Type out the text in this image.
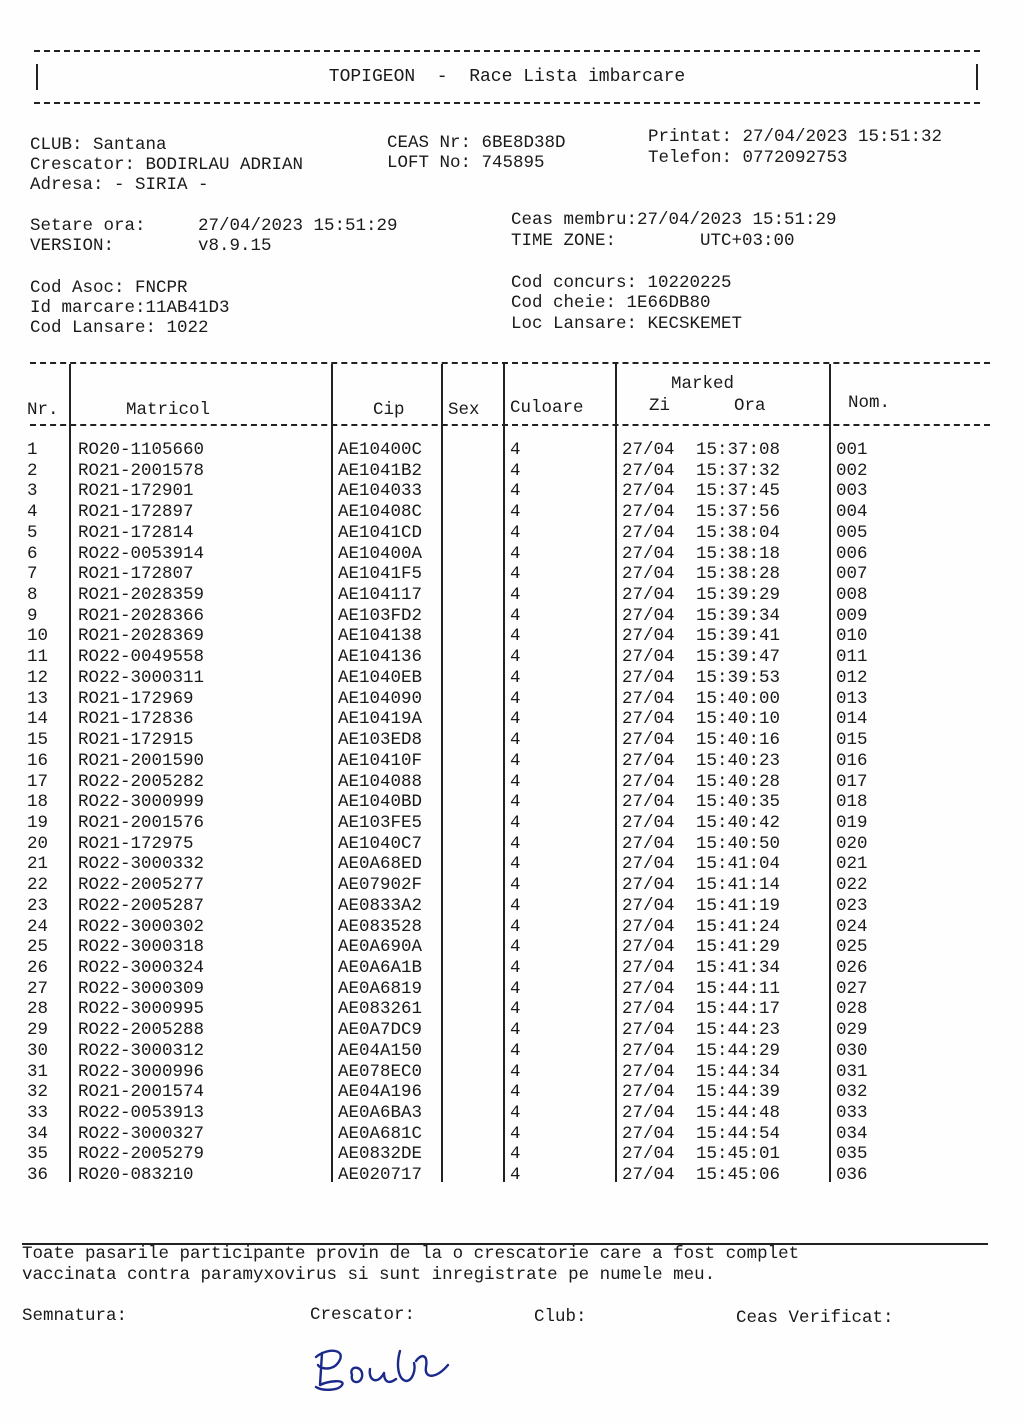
TOPIGEON  -  Race Lista imbarcare
CLUB: Santana
Crescator: BODIRLAU ADRIAN
Adresa: - SIRIA -
CEAS Nr: 6BE8D38D
LOFT No: 745895
Printat: 27/04/2023 15:51:32
Telefon: 0772092753
Setare ora:     27/04/2023 15:51:29
VERSION:        v8.9.15
Ceas membru:27/04/2023 15:51:29
TIME ZONE:        UTC+03:00
Cod Asoc: FNCPR
Id marcare:11AB41D3
Cod Lansare: 1022
Cod concurs: 10220225
Cod cheie: 1E66DB80
Loc Lansare: KECSKEMET
Nr.	Matricol	Cip Sex Culoare
Marked
Zi	Ora	Nom.
1 RO20-1105660	AE10400C	4	27/04 15:37:08	001
2 RO21-2001578	AE1041B2	4	27/04 15:37:32	002
3 RO21-172901	AE104033	4	27/04 15:37:45	003
4 RO21-172897	AE10408C	4	27/04 15:37:56	004
5 RO21-172814	AE1041CD	4	27/04 15:38:04	005
6 RO22-0053914	AE10400A	4	27/04 15:38:18	006
7 RO21-172807	AE1041F5	4	27/04 15:38:28	007
8 RO21-2028359	AE104117	4	27/04 15:39:29	008
9 RO21-2028366	AE103FD2	4	27/04 15:39:34	009
10 RO21-2028369	AE104138	4	27/04 15:39:41	010
11 RO22-0049558	AE104136	4	27/04 15:39:47	011
12 RO22-3000311	AE1040EB	4	27/04 15:39:53	012
13 RO21-172969	AE104090	4	27/04 15:40:00	013
14 RO21-172836	AE10419A	4	27/04 15:40:10	014
15 RO21-172915	AE103ED8	4	27/04 15:40:16	015
16 RO21-2001590	AE10410F	4	27/04 15:40:23	016
17 RO22-2005282	AE104088	4	27/04 15:40:28	017
18 RO22-3000999	AE1040BD	4	27/04 15:40:35	018
19 RO21-2001576	AE103FE5	4	27/04 15:40:42	019
20 RO21-172975	AE1040C7	4	27/04 15:40:50	020
21 RO22-3000332	AE0A68ED	4	27/04 15:41:04	021
22 RO22-2005277	AE07902F	4	27/04 15:41:14	022
23 RO22-2005287	AE0833A2	4	27/04 15:41:19	023
24 RO22-3000302	AE083528	4	27/04 15:41:24	024
25 RO22-3000318	AE0A690A	4	27/04 15:41:29	025
26 RO22-3000324	AE0A6A1B	4	27/04 15:41:34	026
27 RO22-3000309	AE0A6819	4	27/04 15:44:11	027
28 RO22-3000995	AE083261	4	27/04 15:44:17	028
29 RO22-2005288	AE0A7DC9	4	27/04 15:44:23	029
30 RO22-3000312	AE04A150	4	27/04 15:44:29	030
31 RO22-3000996	AE078EC0	4	27/04 15:44:34	031
32 RO21-2001574	AE04A196	4	27/04 15:44:39	032
33 RO22-0053913	AE0A6BA3	4	27/04 15:44:48	033
34 RO22-3000327	AE0A681C	4	27/04 15:44:54	034
35 RO22-2005279	AE0832DE	4	27/04 15:45:01	035
36 RO20-083210	AE020717	4	27/04 15:45:06	036
Toate pasarile participante provin de la o crescatorie care a fost complet
vaccinata contra paramyxovirus si sunt inregistrate pe numele meu.
Semnatura:	Crescator:	Club:	Ceas Verificat:
